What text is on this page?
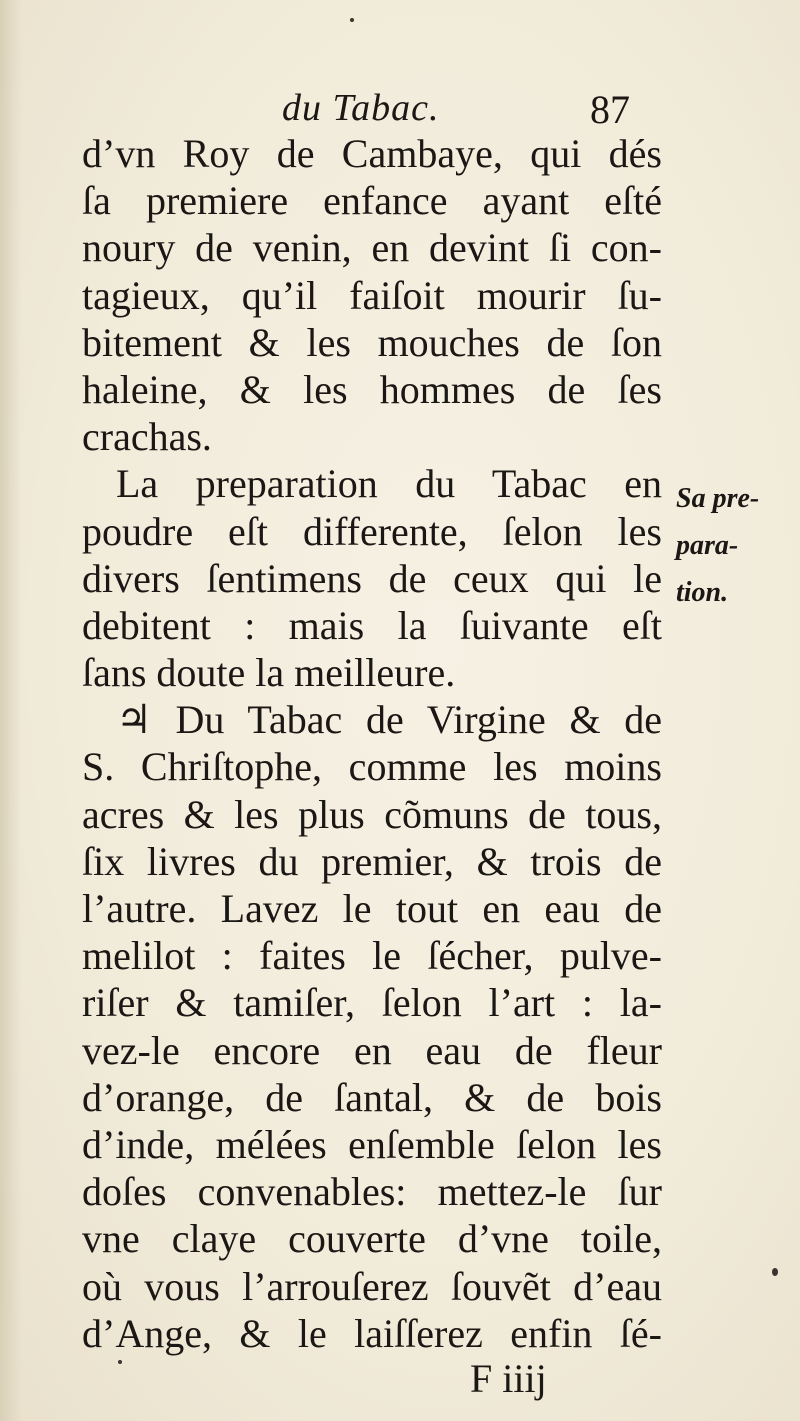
du Tabac.	87
d’vn Roy de Cambaye, qui dés
ſa premiere enfance ayant eſté
noury de venin, en devint ſi con-
tagieux, qu’il faiſoit mourir ſu-
bitement & les mouches de ſon
haleine, & les hommes de ſes
crachas.
La preparation du Tabac en
poudre eſt differente, ſelon les
divers ſentimens de ceux qui le
debitent : mais la ſuivante eſt
ſans doute la meilleure.
♃ Du Tabac de Virgine & de
S. Chriſtophe, comme les moins
acres & les plus cõmuns de tous,
ſix livres du premier, & trois de
l’autre. Lavez le tout en eau de
melilot : faites le ſécher, pulve-
riſer & tamiſer, ſelon l’art : la-
vez-le encore en eau de fleur
d’orange, de ſantal, & de bois
d’inde, mélées enſemble ſelon les
doſes convenables: mettez-le ſur
vne claye couverte d’vne toile,
où vous l’arrouſerez ſouvẽt d’eau
d’Ange, & le laiſſerez enfin ſé-
Sa pre-
para-
tion.
F iiij
